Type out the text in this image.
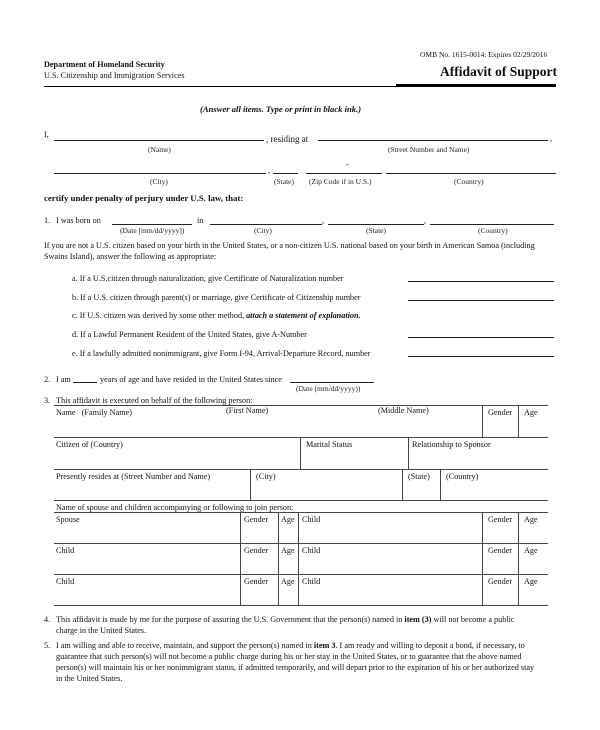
OMB No. 1615-0014; Expires 02/29/2016
Department of Homeland Security
U.S. Citizenship and Immigration Services	Affidavit of Support
(Answer all items. Type or print in black ink.)
I,	, residing at	,
(Name)	(Street Number and Name)
-
,
(City)	(State) (Zip Code if in U.S.)	(Country)
certify under penalty of perjury under U.S. law, that:
1. I was born on	in	,	,
(Date [mm/dd/yyyy])	(City)	(State)	(Country)
If you are not a U.S. citizen based on your birth in the United States, or a non-citizen U.S. national based on your birth in American Samoa (including Swains Island), answer the following as appropriate:
a. If a U.S.citizen through naturalization, give Certificate of Naturalization number
b. If a U.S. citizen through parent(s) or marriage, give Certificate of Citizenship number
c. If U.S. citizen was derived by some other method, attach a statement of explanation.
d. If a Lawful Permanent Resident of the United States, give A-Number
e. If a lawfully admitted nonimmigrant, give Form I-94, Arrival-Departure Record, number
2. I am	years of age and have resided in the United States since
(Date (mm/dd/yyyy))
3. This affidavit is executed on behalf of the following person:
Name (Family Name)	(First Name)	(Middle Name)	Gender Age
Citizen of (Country)	Marital Status	Relationship to Sponsor
Presently resides at (Street Number and Name)	(City)	(State) (Country)
Name of spouse and children accompanying or following to join person:
Spouse	Gender Age Child	Gender Age
Child	Gender Age Child	Gender Age
Child	Gender Age Child	Gender Age
4. This affidavit is made by me for the purpose of assuring the U.S. Government that the person(s) named in item (3) will not become a public
charge in the United States.
5. I am willing and able to receive, maintain, and support the person(s) named in item 3. I am ready and willing to deposit a bond, if necessary, to
guarantee that such person(s) will not become a public charge during his or her stay in the United States, or to guarantee that the above named
person(s) will maintain his or her nonimmigrant status, if admitted temporarily, and will depart prior to the expiration of his or her authorized stay
in the United States.
